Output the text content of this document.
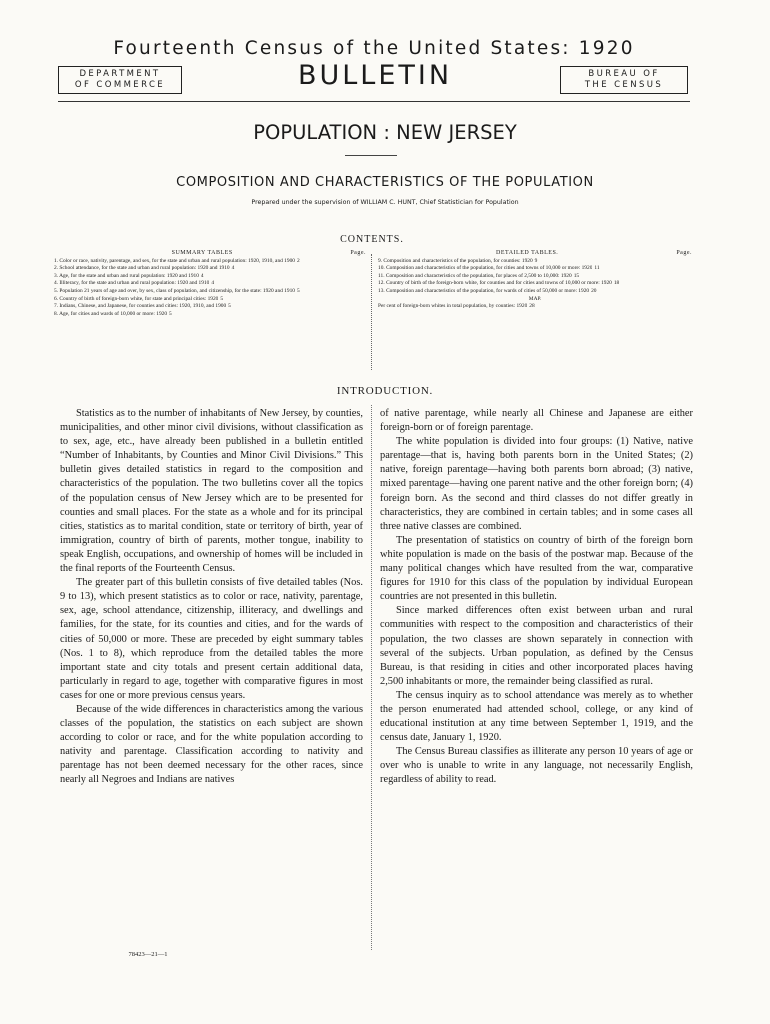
Fourteenth Census of the United States: 1920
DEPARTMENT
OF COMMERCE	BULLETIN	BUREAU OF
THE CENSUS
POPULATION : NEW JERSEY
COMPOSITION AND CHARACTERISTICS OF THE POPULATION
Prepared under the supervision of WILLIAM C. HUNT, Chief Statistician for Population
CONTENTS.
SUMMARY TABLES	Page.
1. Color or race, nativity, parentage, and sex, for the state and urban and rural population: 1920, 1910, and 1900 2
2. School attendance, for the state and urban and rural population: 1920 and 1910 4
3. Age, for the state and urban and rural population: 1920 and 1910 4
4. Illiteracy, for the state and urban and rural population: 1920 and 1910 4
5. Population 21 years of age and over, by sex, class of population, and citizenship, for the state: 1920 and 1910 5
6. Country of birth of foreign-born white, for state and principal cities: 1920 5
7. Indians, Chinese, and Japanese, for counties and cities: 1920, 1910, and 1900 5
8. Age, for cities and wards of 10,000 or more: 1920 5
DETAILED TABLES.	Page.
9. Composition and characteristics of the population, for counties: 1920 9
10. Composition and characteristics of the population, for cities and towns of 10,000 or more: 1920 11
11. Composition and characteristics of the population, for places of 2,500 to 10,000: 1920 15
12. Country of birth of the foreign-born white, for counties and for cities and towns of 10,000 or more: 1920 18
13. Composition and characteristics of the population, for wards of cities of 50,000 or more: 1920 20
MAP.
Per cent of foreign-born whites in total population, by counties: 1920 28
INTRODUCTION.

Statistics as to the number of inhabitants of New Jersey, by counties, municipalities, and other minor civil divisions, without classification as to sex, age, etc., have already been published in a bulletin entitled “Number of Inhabitants, by Counties and Minor Civil Divisions.” This bulletin gives detailed statistics in regard to the composition and characteristics of the population. The two bulletins cover all the topics of the population census of New Jersey which are to be presented for counties and small places. For the state as a whole and for its principal cities, statistics as to marital condition, state or territory of birth, year of immigration, country of birth of parents, mother tongue, inability to speak English, occupations, and ownership of homes will be included in the final reports of the Fourteenth Census.

The greater part of this bulletin consists of five detailed tables (Nos. 9 to 13), which present statistics as to color or race, nativity, parentage, sex, age, school attendance, citizenship, illiteracy, and dwellings and families, for the state, for its counties and cities, and for the wards of cities of 50,000 or more. These are preceded by eight summary tables (Nos. 1 to 8), which reproduce from the detailed tables the more important state and city totals and present certain additional data, particularly in regard to age, together with comparative figures in most cases for one or more previous census years.

Because of the wide differences in characteristics among the various classes of the population, the statistics on each subject are shown according to color or race, and for the white population according to nativity and parentage. Classification according to nativity and parentage has not been deemed necessary for the other races, since nearly all Negroes and Indians are natives

of native parentage, while nearly all Chinese and Japanese are either foreign-born or of foreign parentage.

The white population is divided into four groups: (1) Native, native parentage—that is, having both parents born in the United States; (2) native, foreign parentage—having both parents born abroad; (3) native, mixed parentage—having one parent native and the other foreign born; (4) foreign born. As the second and third classes do not differ greatly in characteristics, they are combined in certain tables; and in some cases all three native classes are combined.

The presentation of statistics on country of birth of the foreign born white population is made on the basis of the postwar map. Because of the many political changes which have resulted from the war, comparative figures for 1910 for this class of the population by individual European countries are not presented in this bulletin.

Since marked differences often exist between urban and rural communities with respect to the composition and characteristics of their population, the two classes are shown separately in connection with several of the subjects. Urban population, as defined by the Census Bureau, is that residing in cities and other incorporated places having 2,500 inhabitants or more, the remainder being classified as rural.

The census inquiry as to school attendance was merely as to whether the person enumerated had attended school, college, or any kind of educational institution at any time between September 1, 1919, and the census date, January 1, 1920.

The Census Bureau classifies as illiterate any person 10 years of age or over who is unable to write in any language, not necessarily English, regardless of ability to read.

78423—21—1
